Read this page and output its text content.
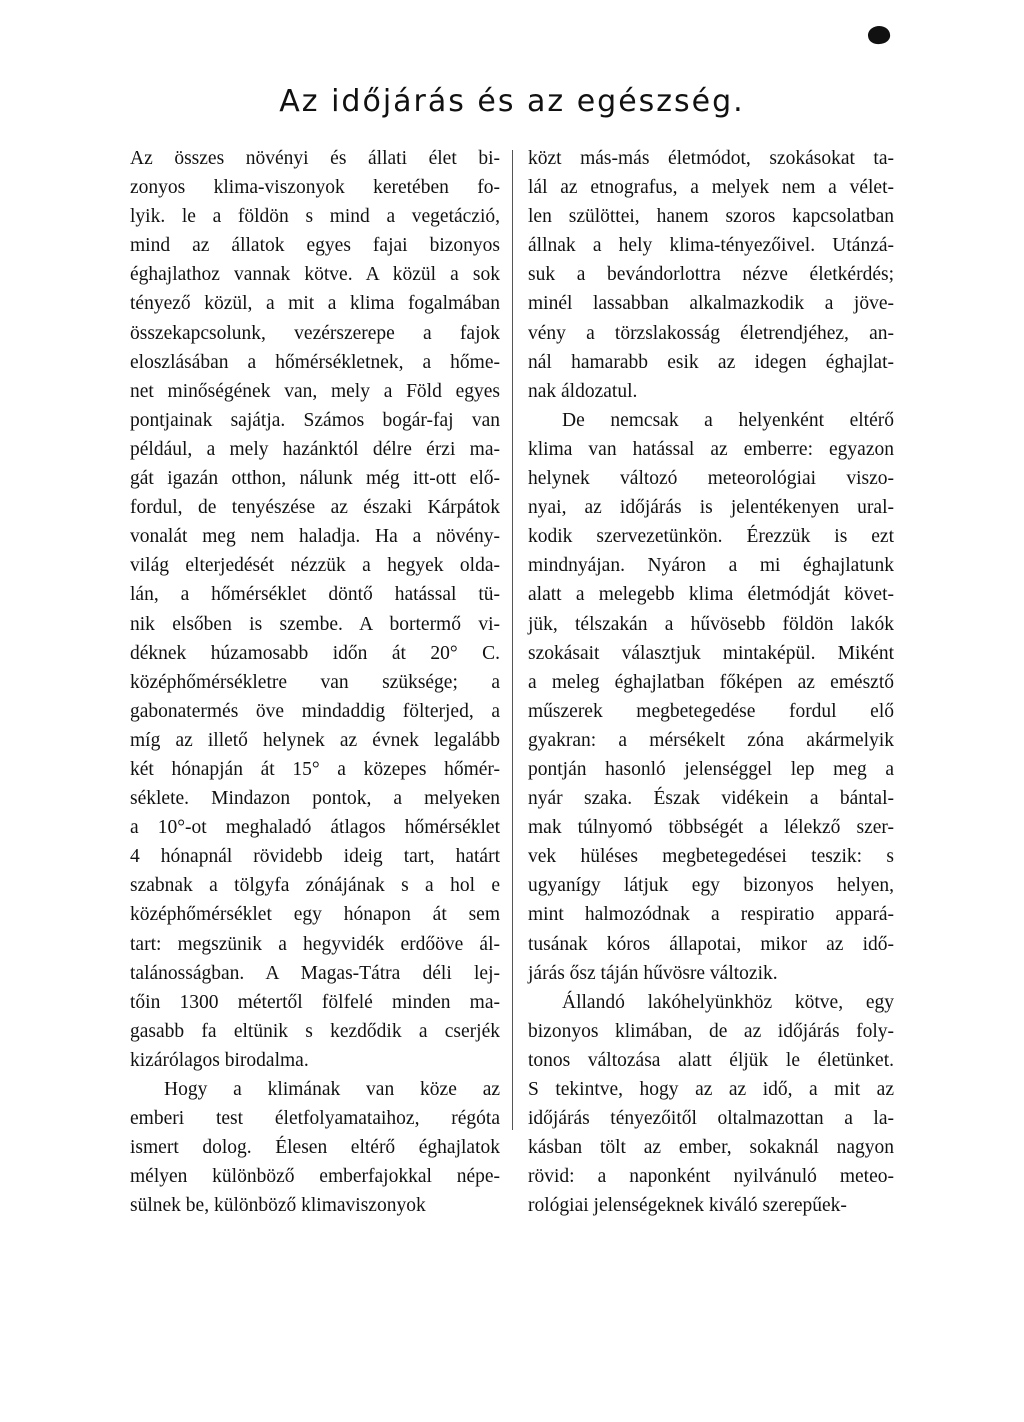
Az időjárás és az egészség.
Az összes növényi és állati élet bi-
zonyos klima-viszonyok keretében fo-
lyik. le a földön s mind a vegetáczió,
mind az állatok egyes fajai bizonyos
éghajlathoz vannak kötve. A közül a sok
tényező közül, a mit a klima fogalmában
összekapcsolunk, vezérszerepe a fajok
eloszlásában a hőmérsékletnek, a hőme-
net minőségének van, mely a Föld egyes
pontjainak sajátja. Számos bogár-faj van
például, a mely hazánktól délre érzi ma-
gát igazán otthon, nálunk még itt-ott elő-
fordul, de tenyészése az északi Kárpátok
vonalát meg nem haladja. Ha a növény-
világ elterjedését nézzük a hegyek olda-
lán, a hőmérséklet döntő hatással tü-
nik elsőben is szembe. A bortermő vi-
déknek húzamosabb időn át 20° C.
középhőmérsékletre van szüksége; a
gabonatermés öve mindaddig fölterjed, a
míg az illető helynek az évnek legalább
két hónapján át 15° a közepes hőmér-
séklete. Mindazon pontok, a melyeken
a 10°-ot meghaladó átlagos hőmérséklet
4 hónapnál rövidebb ideig tart, határt
szabnak a tölgyfa zónájának s a hol e
középhőmérséklet egy hónapon át sem
tart: megszünik a hegyvidék erdőöve ál-
talánosságban. A Magas-Tátra déli lej-
tőin 1300 métertől fölfelé minden ma-
gasabb fa eltünik s kezdődik a cserjék
kizárólagos birodalma.
Hogy a klimának van köze az
emberi test életfolyamataihoz, régóta
ismert dolog. Élesen eltérő éghajlatok
mélyen különböző emberfajokkal népe-
sülnek be, különböző klimaviszonyok
közt más-más életmódot, szokásokat ta-
lál az etnografus, a melyek nem a vélet-
len szülöttei, hanem szoros kapcsolatban
állnak a hely klima-tényezőivel. Utánzá-
suk a bevándorlottra nézve életkérdés;
minél lassabban alkalmazkodik a jöve-
vény a törzslakosság életrendjéhez, an-
nál hamarabb esik az idegen éghajlat-
nak áldozatul.
De nemcsak a helyenként eltérő
klima van hatással az emberre: egyazon
helynek változó meteorológiai viszo-
nyai, az időjárás is jelentékenyen ural-
kodik szervezetünkön. Érezzük is ezt
mindnyájan. Nyáron a mi éghajlatunk
alatt a melegebb klima életmódját követ-
jük, télszakán a hűvösebb földön lakók
szokásait választjuk mintaképül. Miként
a meleg éghajlatban főképen az emésztő
műszerek megbetegedése fordul elő
gyakran: a mérsékelt zóna akármelyik
pontján hasonló jelenséggel lep meg a
nyár szaka. Észak vidékein a bántal-
mak túlnyomó többségét a lélekző szer-
vek hüléses megbetegedései teszik: s
ugyanígy látjuk egy bizonyos helyen,
mint halmozódnak a respiratio appará-
tusának kóros állapotai, mikor az idő-
járás ősz táján hűvösre változik.
Állandó lakóhelyünkhöz kötve, egy
bizonyos klimában, de az időjárás foly-
tonos változása alatt éljük le életünket.
S tekintve, hogy az az idő, a mit az
időjárás tényezőitől oltalmazottan a la-
kásban tölt az ember, sokaknál nagyon
rövid: a naponként nyilvánuló meteo-
rológiai jelenségeknek kiváló szerepűek-
